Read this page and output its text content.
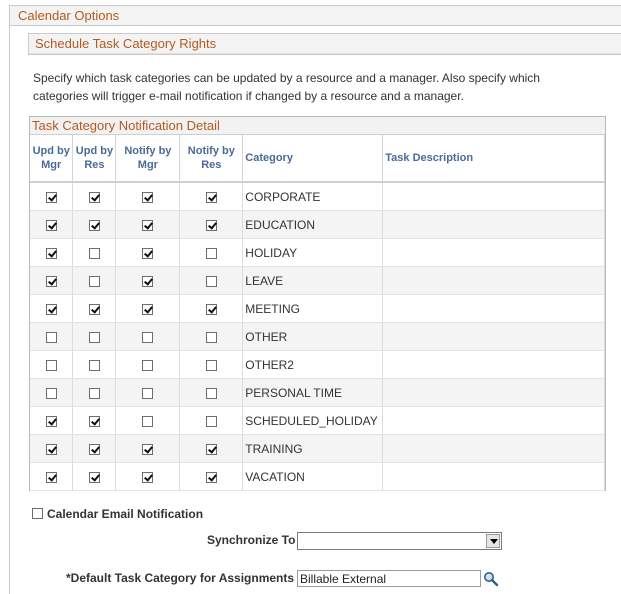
Calendar Options
Schedule Task Category Rights
Specify which task categories can be updated by a resource and a manager. Also specify which categories will trigger e-mail notification if changed by a resource and a manager.
Task Category Notification Detail
Upd by Mgr	Upd by Res	Notify by Mgr	Notify by Res	Category	Task Description
				CORPORATE	
				EDUCATION	
				HOLIDAY	
				LEAVE	
				MEETING	
				OTHER	
				OTHER2	
				PERSONAL TIME	
				SCHEDULED_HOLIDAY	
				TRAINING	
				VACATION	
Calendar Email Notification
Synchronize To
*Default Task Category for Assignments Billable External
